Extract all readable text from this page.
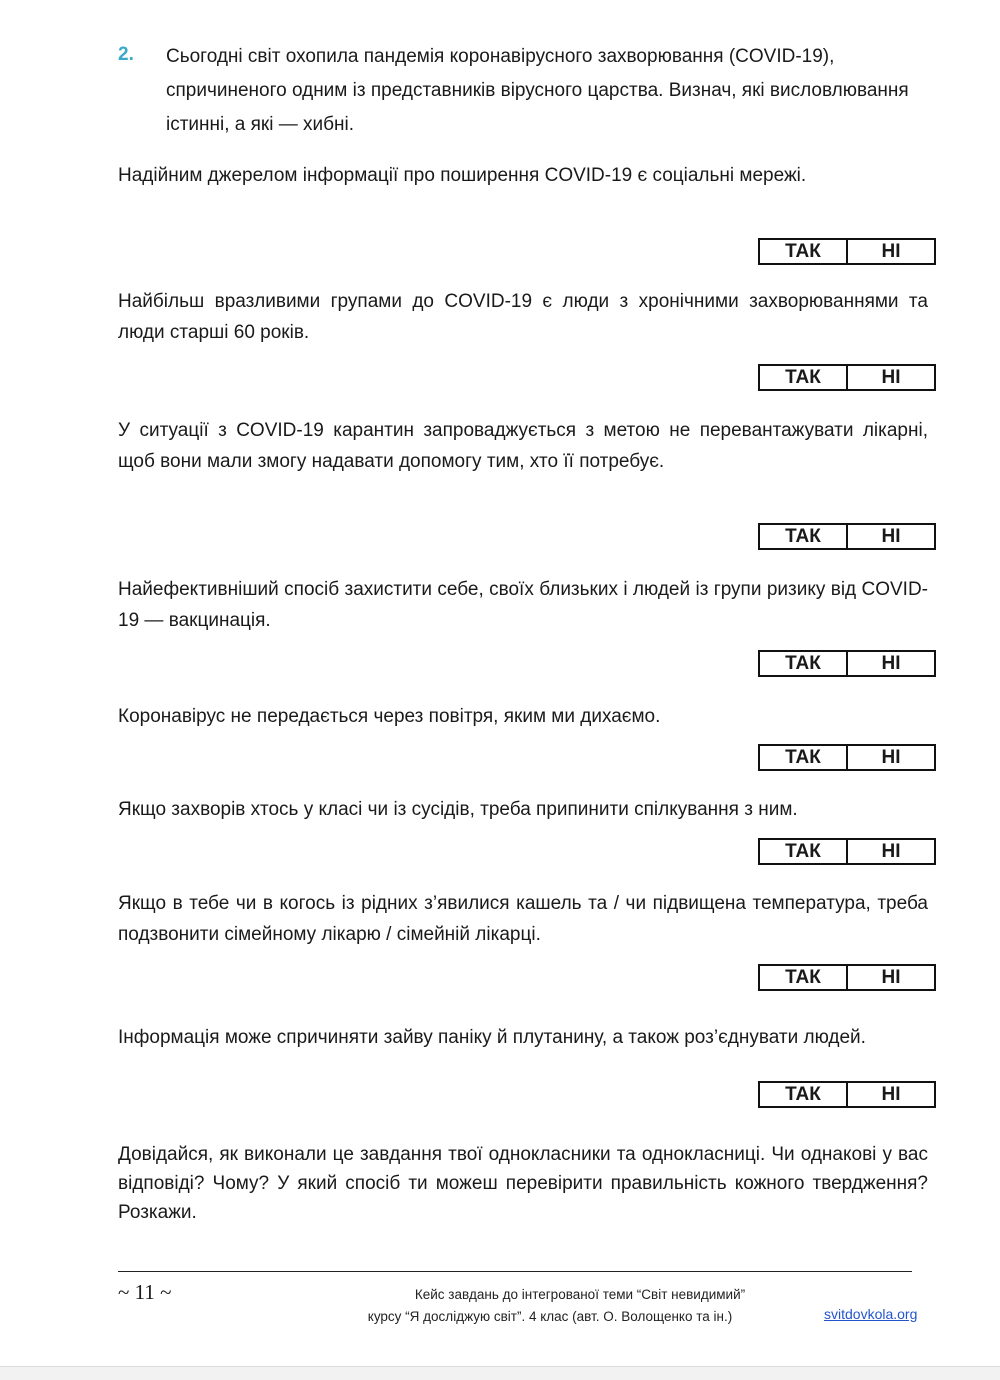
2. Сьогодні світ охопила пандемія коронавірусного захворювання (COVID-19), спричиненого одним із представників вірусного царства. Визнач, які висловлювання істинні, а які — хибні.
Надійним джерелом інформації про поширення COVID-19 є соціальні мережі.
ТАК	НІ
Найбільш вразливими групами до COVID-19 є люди з хронічними захворюваннями та люди старші 60 років.
ТАК	НІ
У ситуації з COVID-19 карантин запроваджується з метою не перевантажувати лікарні, щоб вони мали змогу надавати допомогу тим, хто її потребує.
ТАК	НІ
Найефективніший спосіб захистити себе, своїх близьких і людей із групи ризику від COVID-19 — вакцинація.
ТАК	НІ
Коронавірус не передається через повітря, яким ми дихаємо.
ТАК	НІ
Якщо захворів хтось у класі чи із сусідів, треба припинити спілкування з ним.
ТАК	НІ
Якщо в тебе чи в когось із рідних з’явилися кашель та / чи підвищена температура, треба подзвонити сімейному лікарю / сімейній лікарці.
ТАК	НІ
Інформація може спричиняти зайву паніку й плутанину, а також роз’єднувати людей.
ТАК	НІ
Довідайся, як виконали це завдання твої однокласники та однокласниці. Чи однакові у вас відповіді? Чому? У який спосіб ти можеш перевірити правильність кожного твердження? Розкажи.
~ 11 ~	Кейс завдань до інтегрованої теми “Світ невидимий”
курсу “Я досліджую світ”. 4 клас (авт. О. Волощенко та ін.)	svitdovkola.org
